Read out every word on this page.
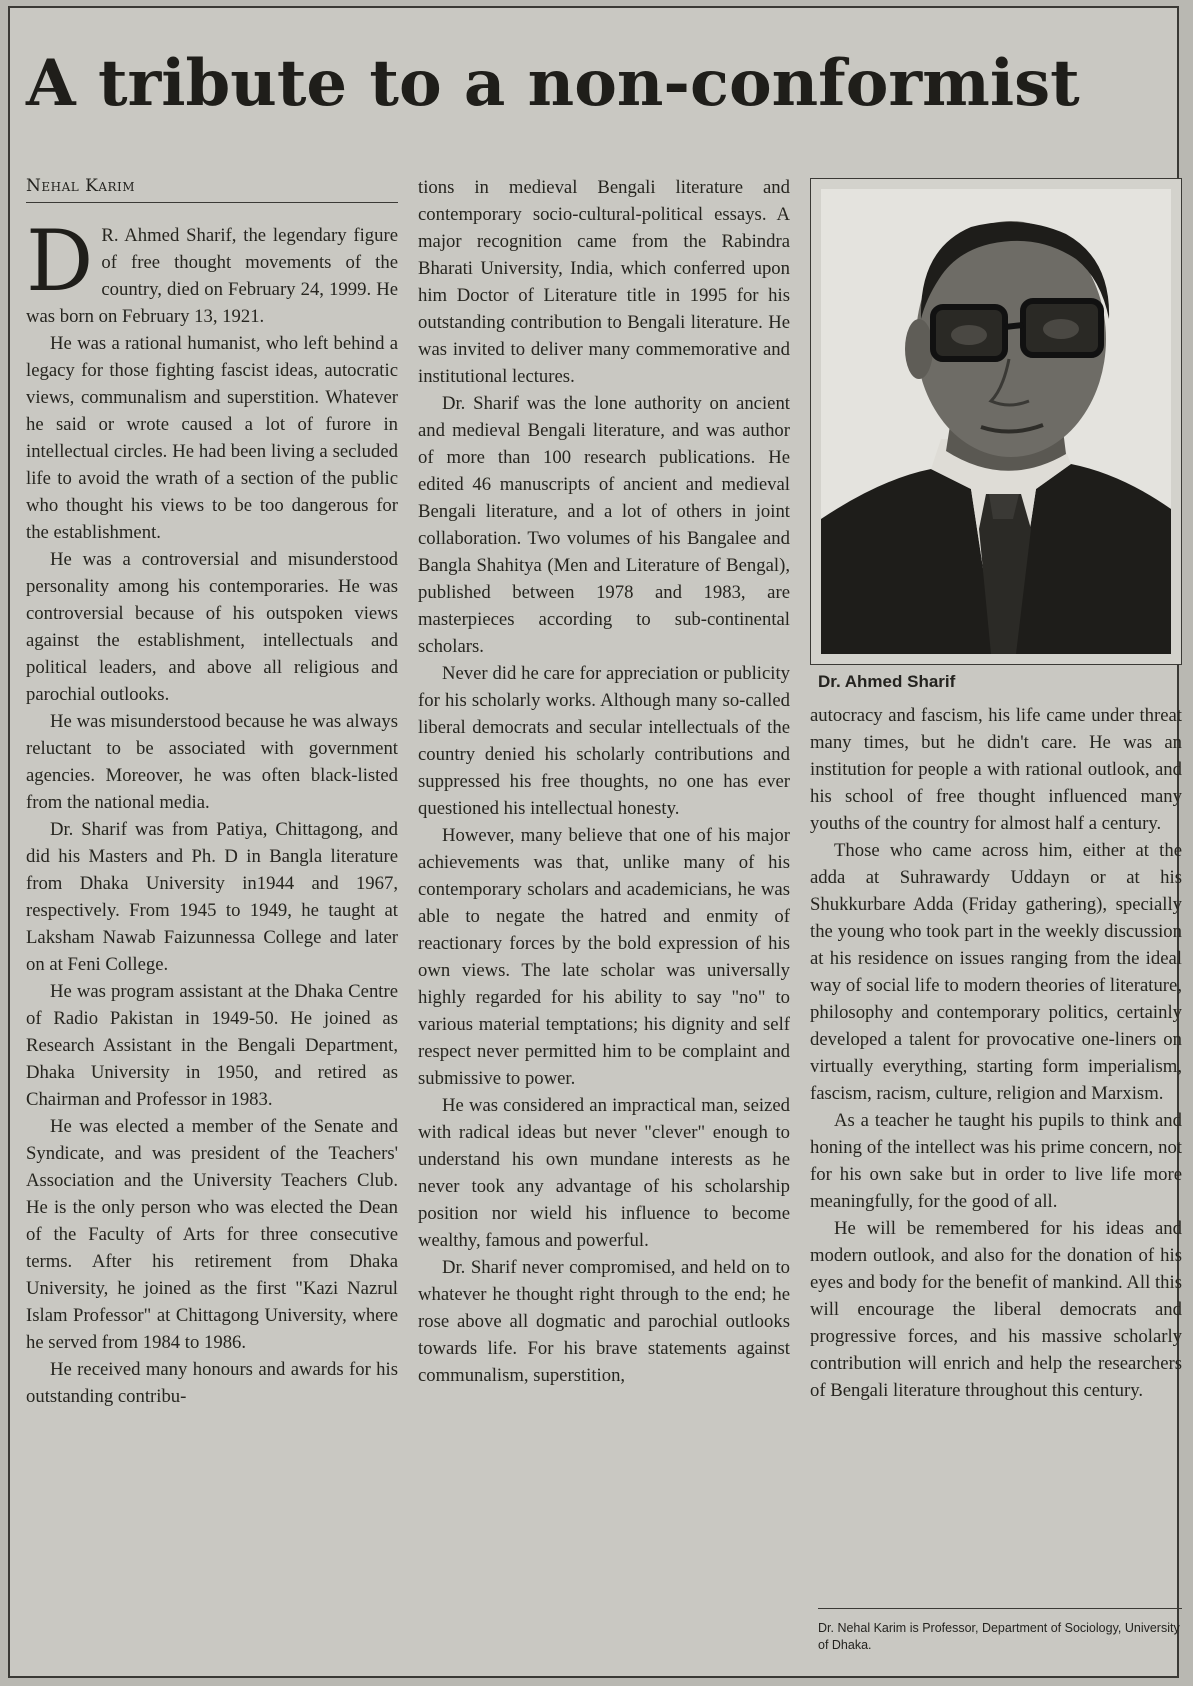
A tribute to a non-conformist
Nehal Karim

D R. Ahmed Sharif, the legendary figure of free thought movements of the country, died on February 24, 1999. He was born on February 13, 1921.

He was a rational humanist, who left behind a legacy for those fighting fascist ideas, autocratic views, communalism and superstition. Whatever he said or wrote caused a lot of furore in intellectual circles. He had been living a secluded life to avoid the wrath of a section of the public who thought his views to be too dangerous for the establishment.

He was a controversial and misunderstood personality among his contemporaries. He was controversial because of his outspoken views against the establishment, intellectuals and political leaders, and above all religious and parochial outlooks.

He was misunderstood because he was always reluctant to be associated with government agencies. Moreover, he was often black-listed from the national media.

Dr. Sharif was from Patiya, Chittagong, and did his Masters and Ph. D in Bangla literature from Dhaka University in1944 and 1967, respectively. From 1945 to 1949, he taught at Laksham Nawab Faizunnessa College and later on at Feni College.

He was program assistant at the Dhaka Centre of Radio Pakistan in 1949-50. He joined as Research Assistant in the Bengali Department, Dhaka University in 1950, and retired as Chairman and Professor in 1983.

He was elected a member of the Senate and Syndicate, and was president of the Teachers' Association and the University Teachers Club. He is the only person who was elected the Dean of the Faculty of Arts for three consecutive terms. After his retirement from Dhaka University, he joined as the first "Kazi Nazrul Islam Professor" at Chittagong University, where he served from 1984 to 1986.

He received many honours and awards for his outstanding contribu-

tions in medieval Bengali literature and contemporary socio-cultural-political essays. A major recognition came from the Rabindra Bharati University, India, which conferred upon him Doctor of Literature title in 1995 for his outstanding contribution to Bengali literature. He was invited to deliver many commemorative and institutional lectures.

Dr. Sharif was the lone authority on ancient and medieval Bengali literature, and was author of more than 100 research publications. He edited 46 manuscripts of ancient and medieval Bengali literature, and a lot of others in joint collaboration. Two volumes of his Bangalee and Bangla Shahitya (Men and Literature of Bengal), published between 1978 and 1983, are masterpieces according to sub-continental scholars.

Never did he care for appreciation or publicity for his scholarly works. Although many so-called liberal democrats and secular intellectuals of the country denied his scholarly contributions and suppressed his free thoughts, no one has ever questioned his intellectual honesty.

However, many believe that one of his major achievements was that, unlike many of his contemporary scholars and academicians, he was able to negate the hatred and enmity of reactionary forces by the bold expression of his own views. The late scholar was universally highly regarded for his ability to say "no" to various material temptations; his dignity and self respect never permitted him to be complaint and submissive to power.

He was considered an impractical man, seized with radical ideas but never "clever" enough to understand his own mundane interests as he never took any advantage of his scholarship position nor wield his influence to become wealthy, famous and powerful.

Dr. Sharif never compromised, and held on to whatever he thought right through to the end; he rose above all dogmatic and parochial outlooks towards life. For his brave statements against communalism, superstition,

Dr. Ahmed Sharif

autocracy and fascism, his life came under threat many times, but he didn't care. He was an institution for people a with rational outlook, and his school of free thought influenced many youths of the country for almost half a century.

Those who came across him, either at the adda at Suhrawardy Uddayn or at his Shukkurbare Adda (Friday gathering), specially the young who took part in the weekly discussion at his residence on issues ranging from the ideal way of social life to modern theories of literature, philosophy and contemporary politics, certainly developed a talent for provocative one-liners on virtually everything, starting form imperialism, fascism, racism, culture, religion and Marxism.

As a teacher he taught his pupils to think and honing of the intellect was his prime concern, not for his own sake but in order to live life more meaningfully, for the good of all.

He will be remembered for his ideas and modern outlook, and also for the donation of his eyes and body for the benefit of mankind. All this will encourage the liberal democrats and progressive forces, and his massive scholarly contribution will enrich and help the researchers of Bengali literature throughout this century.

Dr. Nehal Karim is Professor, Department of Sociology, University of Dhaka.
